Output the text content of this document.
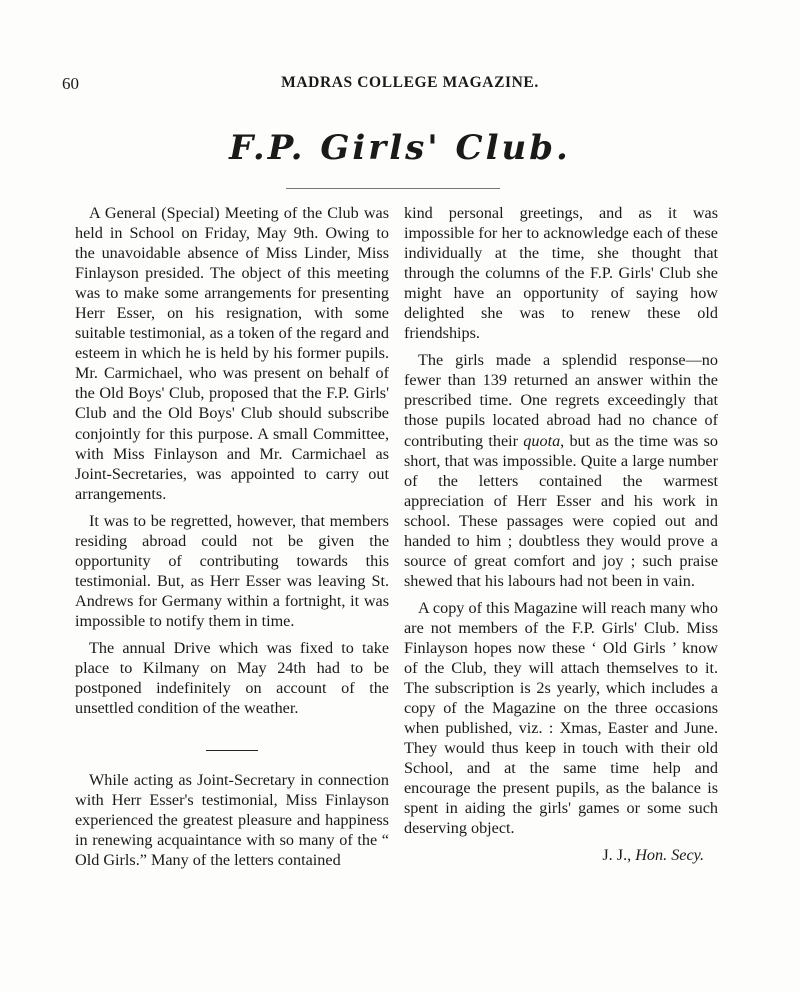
60	MADRAS COLLEGE MAGAZINE.
F.P. Girls' Club.

A General (Special) Meeting of the Club was held in School on Friday, May 9th. Owing to the unavoidable absence of Miss Linder, Miss Finlayson presided. The object of this meeting was to make some arrangements for presenting Herr Esser, on his resignation, with some suitable testimonial, as a token of the regard and esteem in which he is held by his former pupils. Mr. Carmichael, who was present on behalf of the Old Boys' Club, proposed that the F.P. Girls' Club and the Old Boys' Club should subscribe conjointly for this purpose. A small Committee, with Miss Finlayson and Mr. Carmichael as Joint-Secretaries, was appointed to carry out arrangements.

It was to be regretted, however, that members residing abroad could not be given the opportunity of contributing towards this testimonial. But, as Herr Esser was leaving St. Andrews for Germany within a fortnight, it was impossible to notify them in time.

The annual Drive which was fixed to take place to Kilmany on May 24th had to be postponed indefinitely on account of the unsettled condition of the weather.

While acting as Joint-Secretary in connection with Herr Esser's testimonial, Miss Finlayson experienced the greatest pleasure and happiness in renewing acquaintance with so many of the “ Old Girls.” Many of the letters contained

kind personal greetings, and as it was impossible for her to acknowledge each of these individually at the time, she thought that through the columns of the F.P. Girls' Club she might have an opportunity of saying how delighted she was to renew these old friendships.

The girls made a splendid response—no fewer than 139 returned an answer within the prescribed time. One regrets exceedingly that those pupils located abroad had no chance of contributing their quota, but as the time was so short, that was impossible. Quite a large number of the letters contained the warmest appreciation of Herr Esser and his work in school. These passages were copied out and handed to him ; doubtless they would prove a source of great comfort and joy ; such praise shewed that his labours had not been in vain.

A copy of this Magazine will reach many who are not members of the F.P. Girls' Club. Miss Finlayson hopes now these ‘ Old Girls ’ know of the Club, they will attach themselves to it. The subscription is 2s yearly, which includes a copy of the Magazine on the three occasions when published, viz. : Xmas, Easter and June. They would thus keep in touch with their old School, and at the same time help and encourage the present pupils, as the balance is spent in aiding the girls' games or some such deserving object.

J. J., Hon. Secy.
